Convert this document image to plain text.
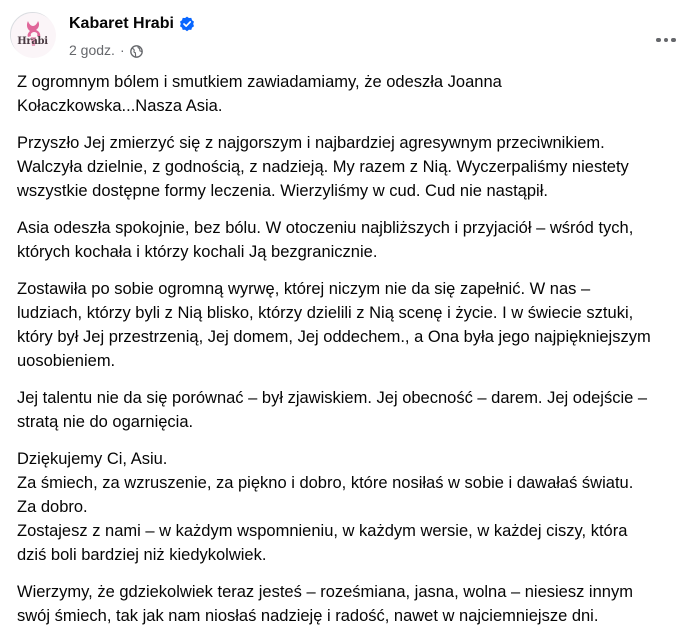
Hrabi
Kabaret Hrabi
2 godz. ·

Z ogromnym bólem i smutkiem zawiadamiamy, że odeszła Joanna
Kołaczkowska...Nasza Asia.

Przyszło Jej zmierzyć się z najgorszym i najbardziej agresywnym przeciwnikiem.
Walczyła dzielnie, z godnością, z nadzieją. My razem z Nią. Wyczerpaliśmy niestety
wszystkie dostępne formy leczenia. Wierzyliśmy w cud. Cud nie nastąpił.

Asia odeszła spokojnie, bez bólu. W otoczeniu najbliższych i przyjaciół – wśród tych,
których kochała i którzy kochali Ją bezgranicznie.

Zostawiła po sobie ogromną wyrwę, której niczym nie da się zapełnić. W nas –
ludziach, którzy byli z Nią blisko, którzy dzielili z Nią scenę i życie. I w świecie sztuki,
który był Jej przestrzenią, Jej domem, Jej oddechem., a Ona była jego najpiękniejszym
uosobieniem.

Jej talentu nie da się porównać – był zjawiskiem. Jej obecność – darem. Jej odejście –
stratą nie do ogarnięcia.

Dziękujemy Ci, Asiu.
Za śmiech, za wzruszenie, za piękno i dobro, które nosiłaś w sobie i dawałaś światu.
Za dobro.
Zostajesz z nami – w każdym wspomnieniu, w każdym wersie, w każdej ciszy, która
dziś boli bardziej niż kiedykolwiek.

Wierzymy, że gdziekolwiek teraz jesteś – roześmiana, jasna, wolna – niesiesz innym
swój śmiech, tak jak nam niosłaś nadzieję i radość, nawet w najciemniejsze dni.
